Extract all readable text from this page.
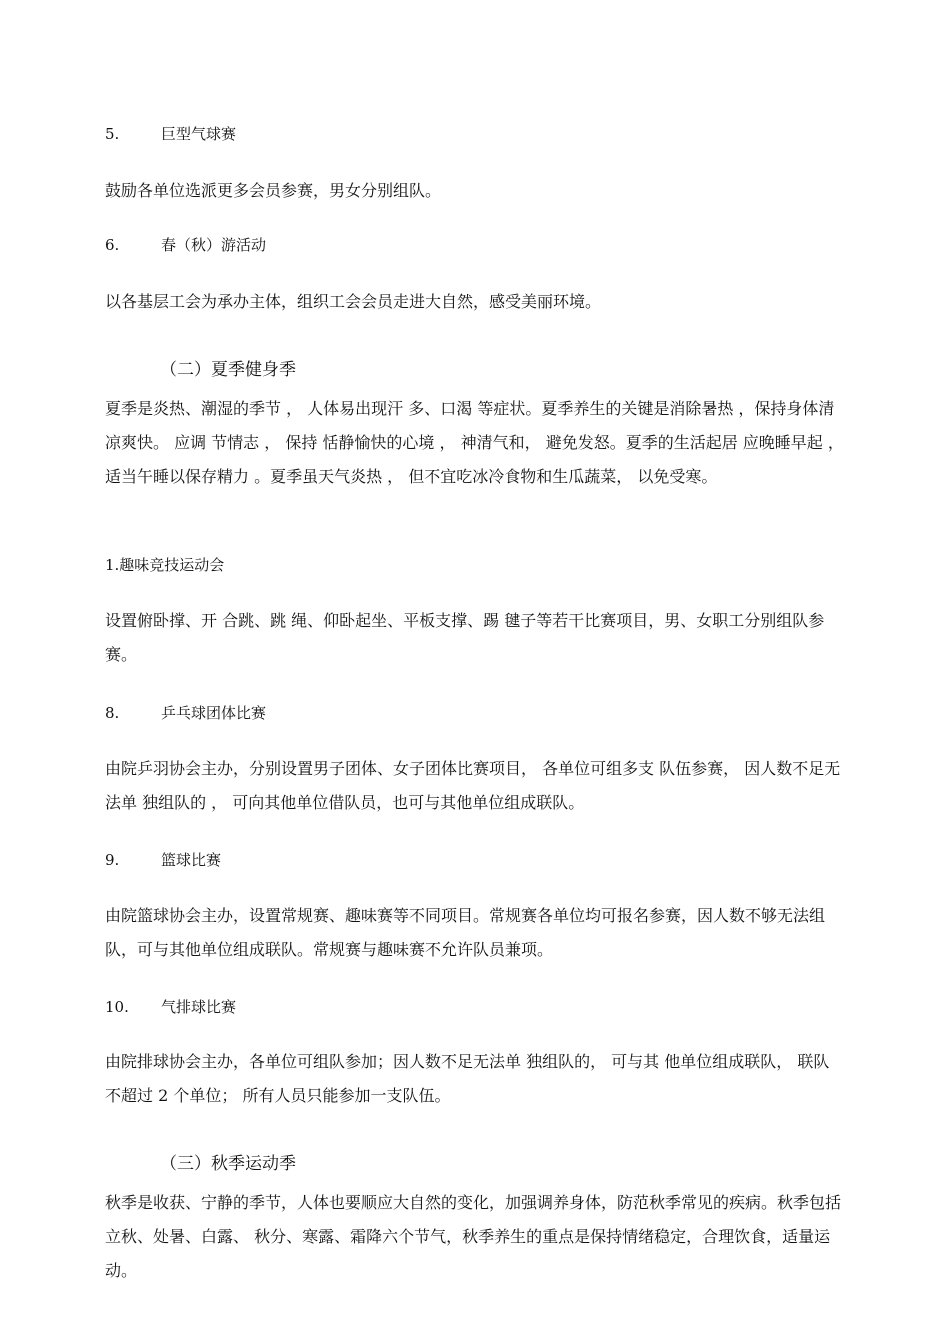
5.	巨型气球赛

鼓励各单位选派更多会员参赛，男女分别组队。

6.	春（秋）游活动

以各基层工会为承办主体，组织工会会员走进大自然，感受美丽环境。

（二）夏季健身季

夏季是炎热、潮湿的季节 ， 人体易出现汗 多、口渴 等症状。夏季养生的关键是消除暑热 ，保持身体清凉爽快。 应调 节情志 ， 保持 恬静愉快的心境 ， 神清气和， 避免发怒。夏季的生活起居 应晚睡早起 ， 适当午睡以保存精力 。夏季虽天气炎热 ， 但不宜吃冰冷食物和生瓜蔬菜， 以免受寒。

1.趣味竞技运动会

设置俯卧撑、开 合跳、跳 绳、仰卧起坐、平板支撑、踢 毽子等若干比赛项目，男、女职工分别组队参赛。

8.	乒乓球团体比赛

由院乒羽协会主办，分别设置男子团体、女子团体比赛项目， 各单位可组多支 队伍参赛， 因人数不足无法单 独组队的 ， 可向其他单位借队员，也可与其他单位组成联队。

9.	篮球比赛

由院篮球协会主办，设置常规赛、趣味赛等不同项目。常规赛各单位均可报名参赛，因人数不够无法组队，可与其他单位组成联队。常规赛与趣味赛不允许队员兼项。

10.	气排球比赛

由院排球协会主办，各单位可组队参加；因人数不足无法单 独组队的， 可与其 他单位组成联队， 联队不超过 2 个单位； 所有人员只能参加一支队伍。

（三）秋季运动季

秋季是收获、宁静的季节，人体也要顺应大自然的变化，加强调养身体，防范秋季常见的疾病。秋季包括立秋、处暑、白露、 秋分、寒露、霜降六个节气，秋季养生的重点是保持情绪稳定，合理饮食，适量运动。
